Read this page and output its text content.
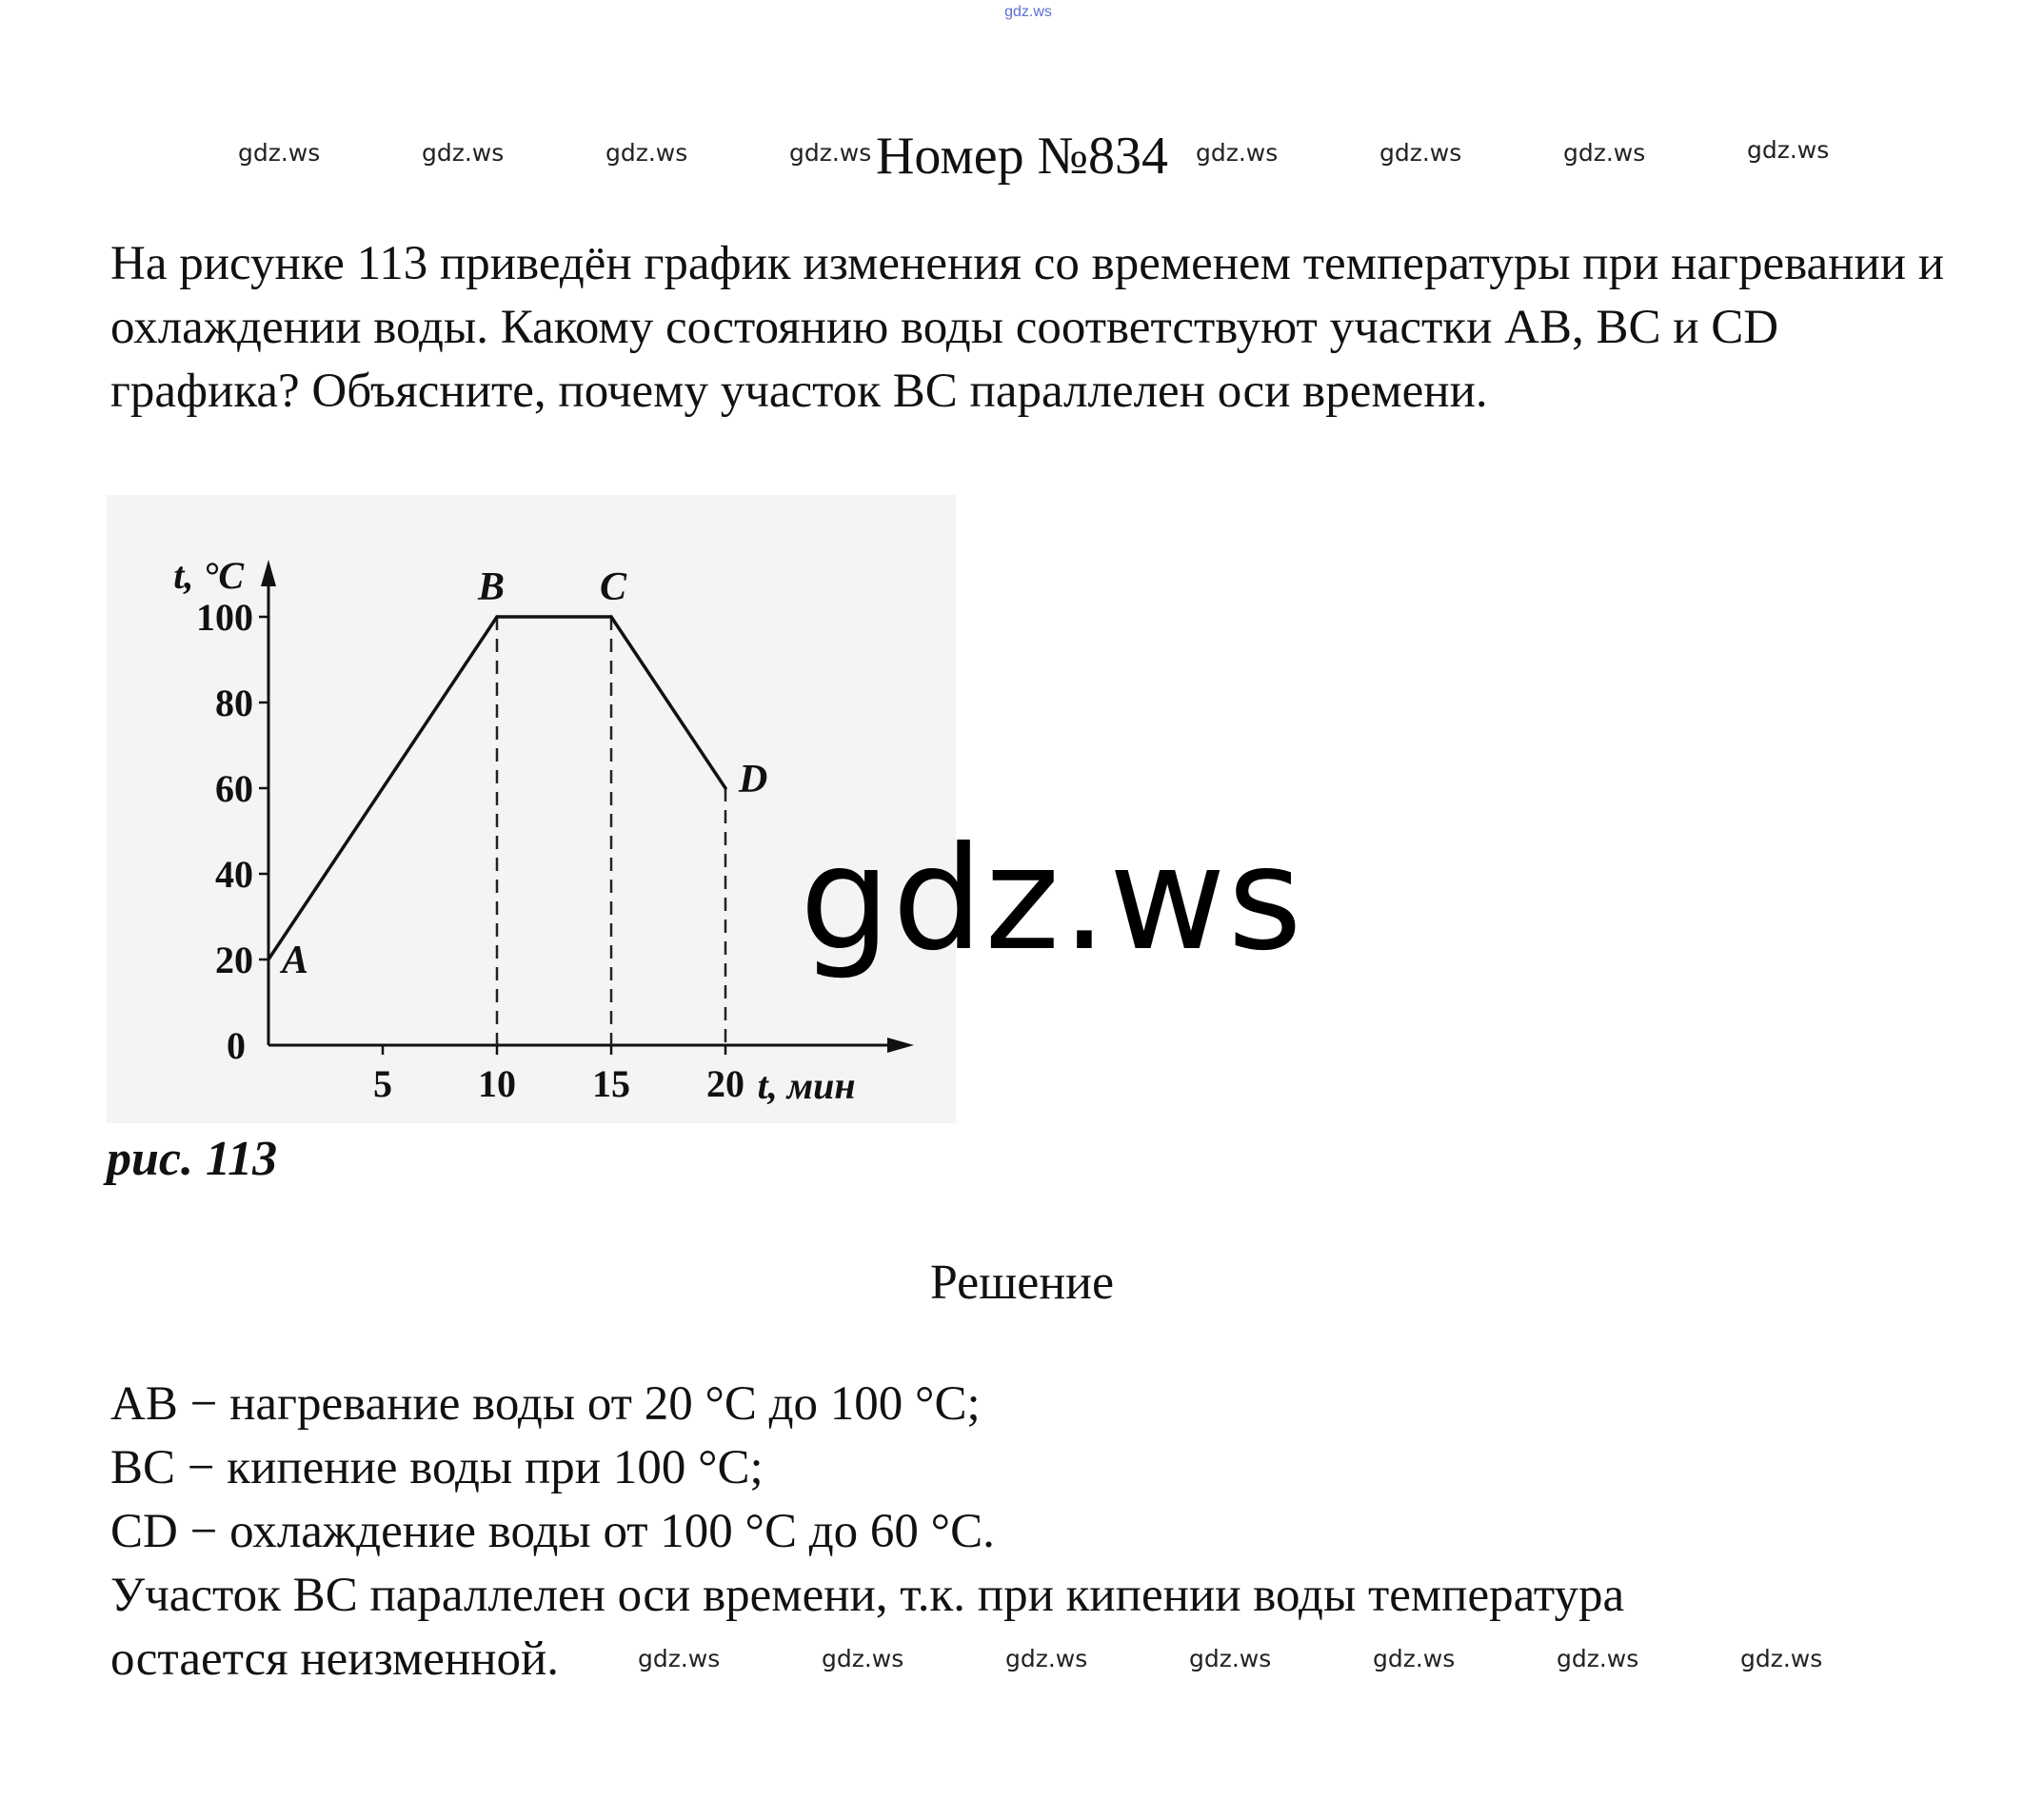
gdz.ws
gdz.ws	gdz.ws	gdz.ws	gdz.ws	gdz.ws	gdz.ws	gdz.ws	gdz.ws
Номер №834

На рисунке 113 приведён график изменения со временем температуры при нагревании и охлаждении воды. Какому состоянию воды соответствуют участки АВ, ВС и CD графика? Объясните, почему участок ВС параллелен оси времени.

20
40
60
80
100
5 10 15 20
0
t, °C
t, мин
A
B C
D
gdz.ws
рис. 113
Решение
АВ − нагревание воды от 20 °С до 100 °С;
ВС − кипение воды при 100 °С;
CD − охлаждение воды от 100 °С до 60 °С.
Участок ВС параллелен оси времени, т.к. при кипении воды температура
остается неизменной.	gdz.ws	gdz.ws	gdz.ws	gdz.ws	gdz.ws	gdz.ws	gdz.ws
